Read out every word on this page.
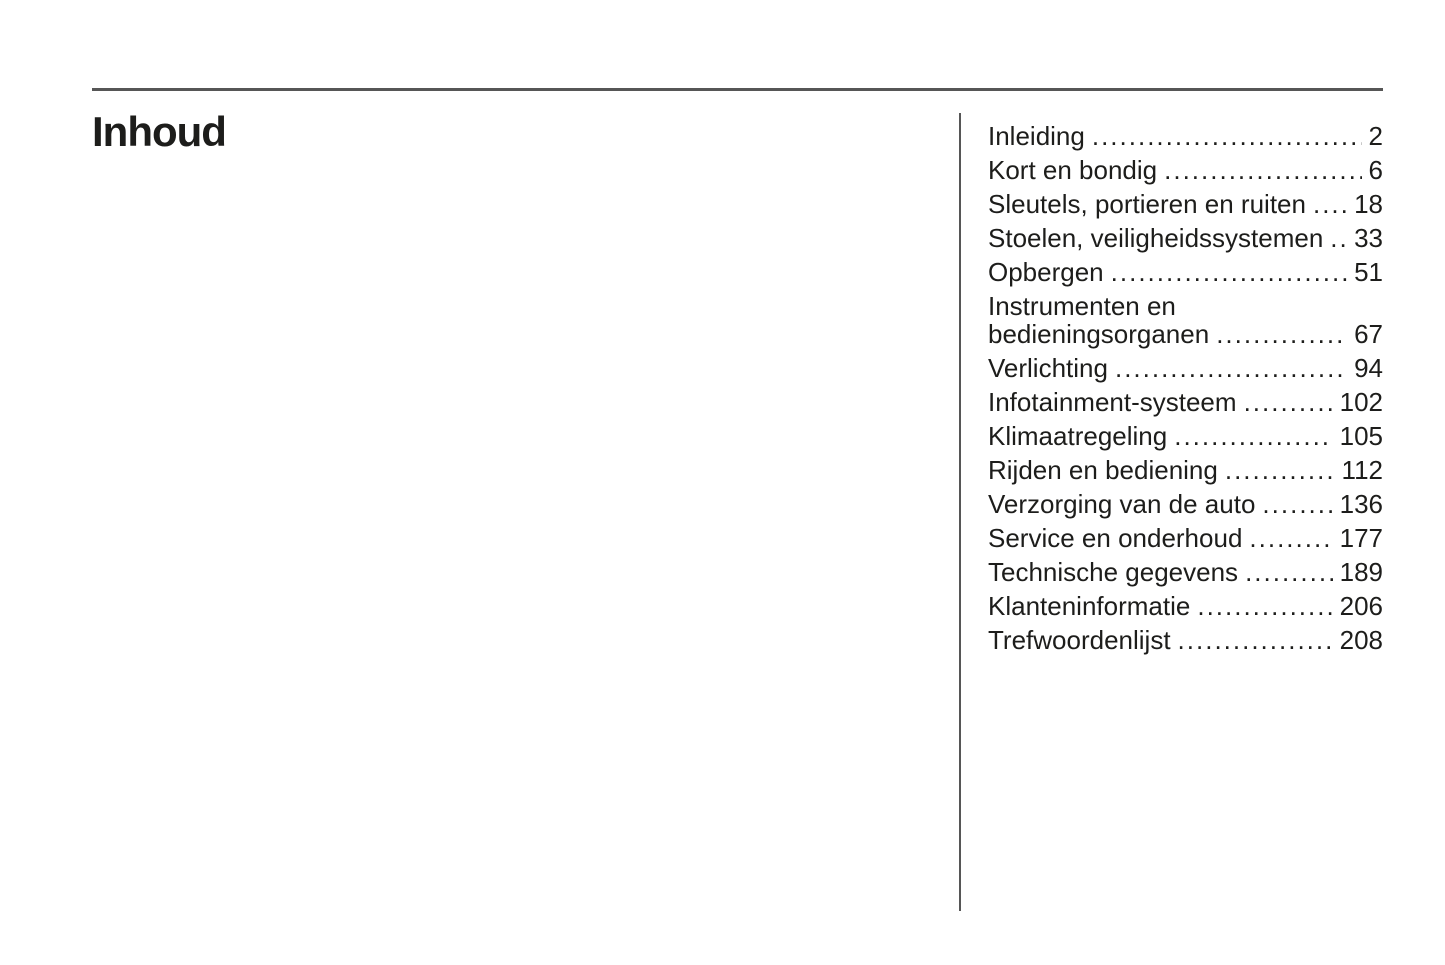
Inhoud	Inleiding .....	2
Kort en bondig .....	6
Sleutels, portieren en ruiten ..... 18
Stoelen, veiligheidssystemen ..... 33
Opbergen .....	51
Instrumenten en
bedieningsorganen .....	67
Verlichting .....	94
Infotainment-systeem .....	102
Klimaatregeling .....	105
Rijden en bediening .....	112
Verzorging van de auto .....	136
Service en onderhoud .....	177
Technische gegevens .....	189
Klanteninformatie .....	206
Trefwoordenlijst .....	208
